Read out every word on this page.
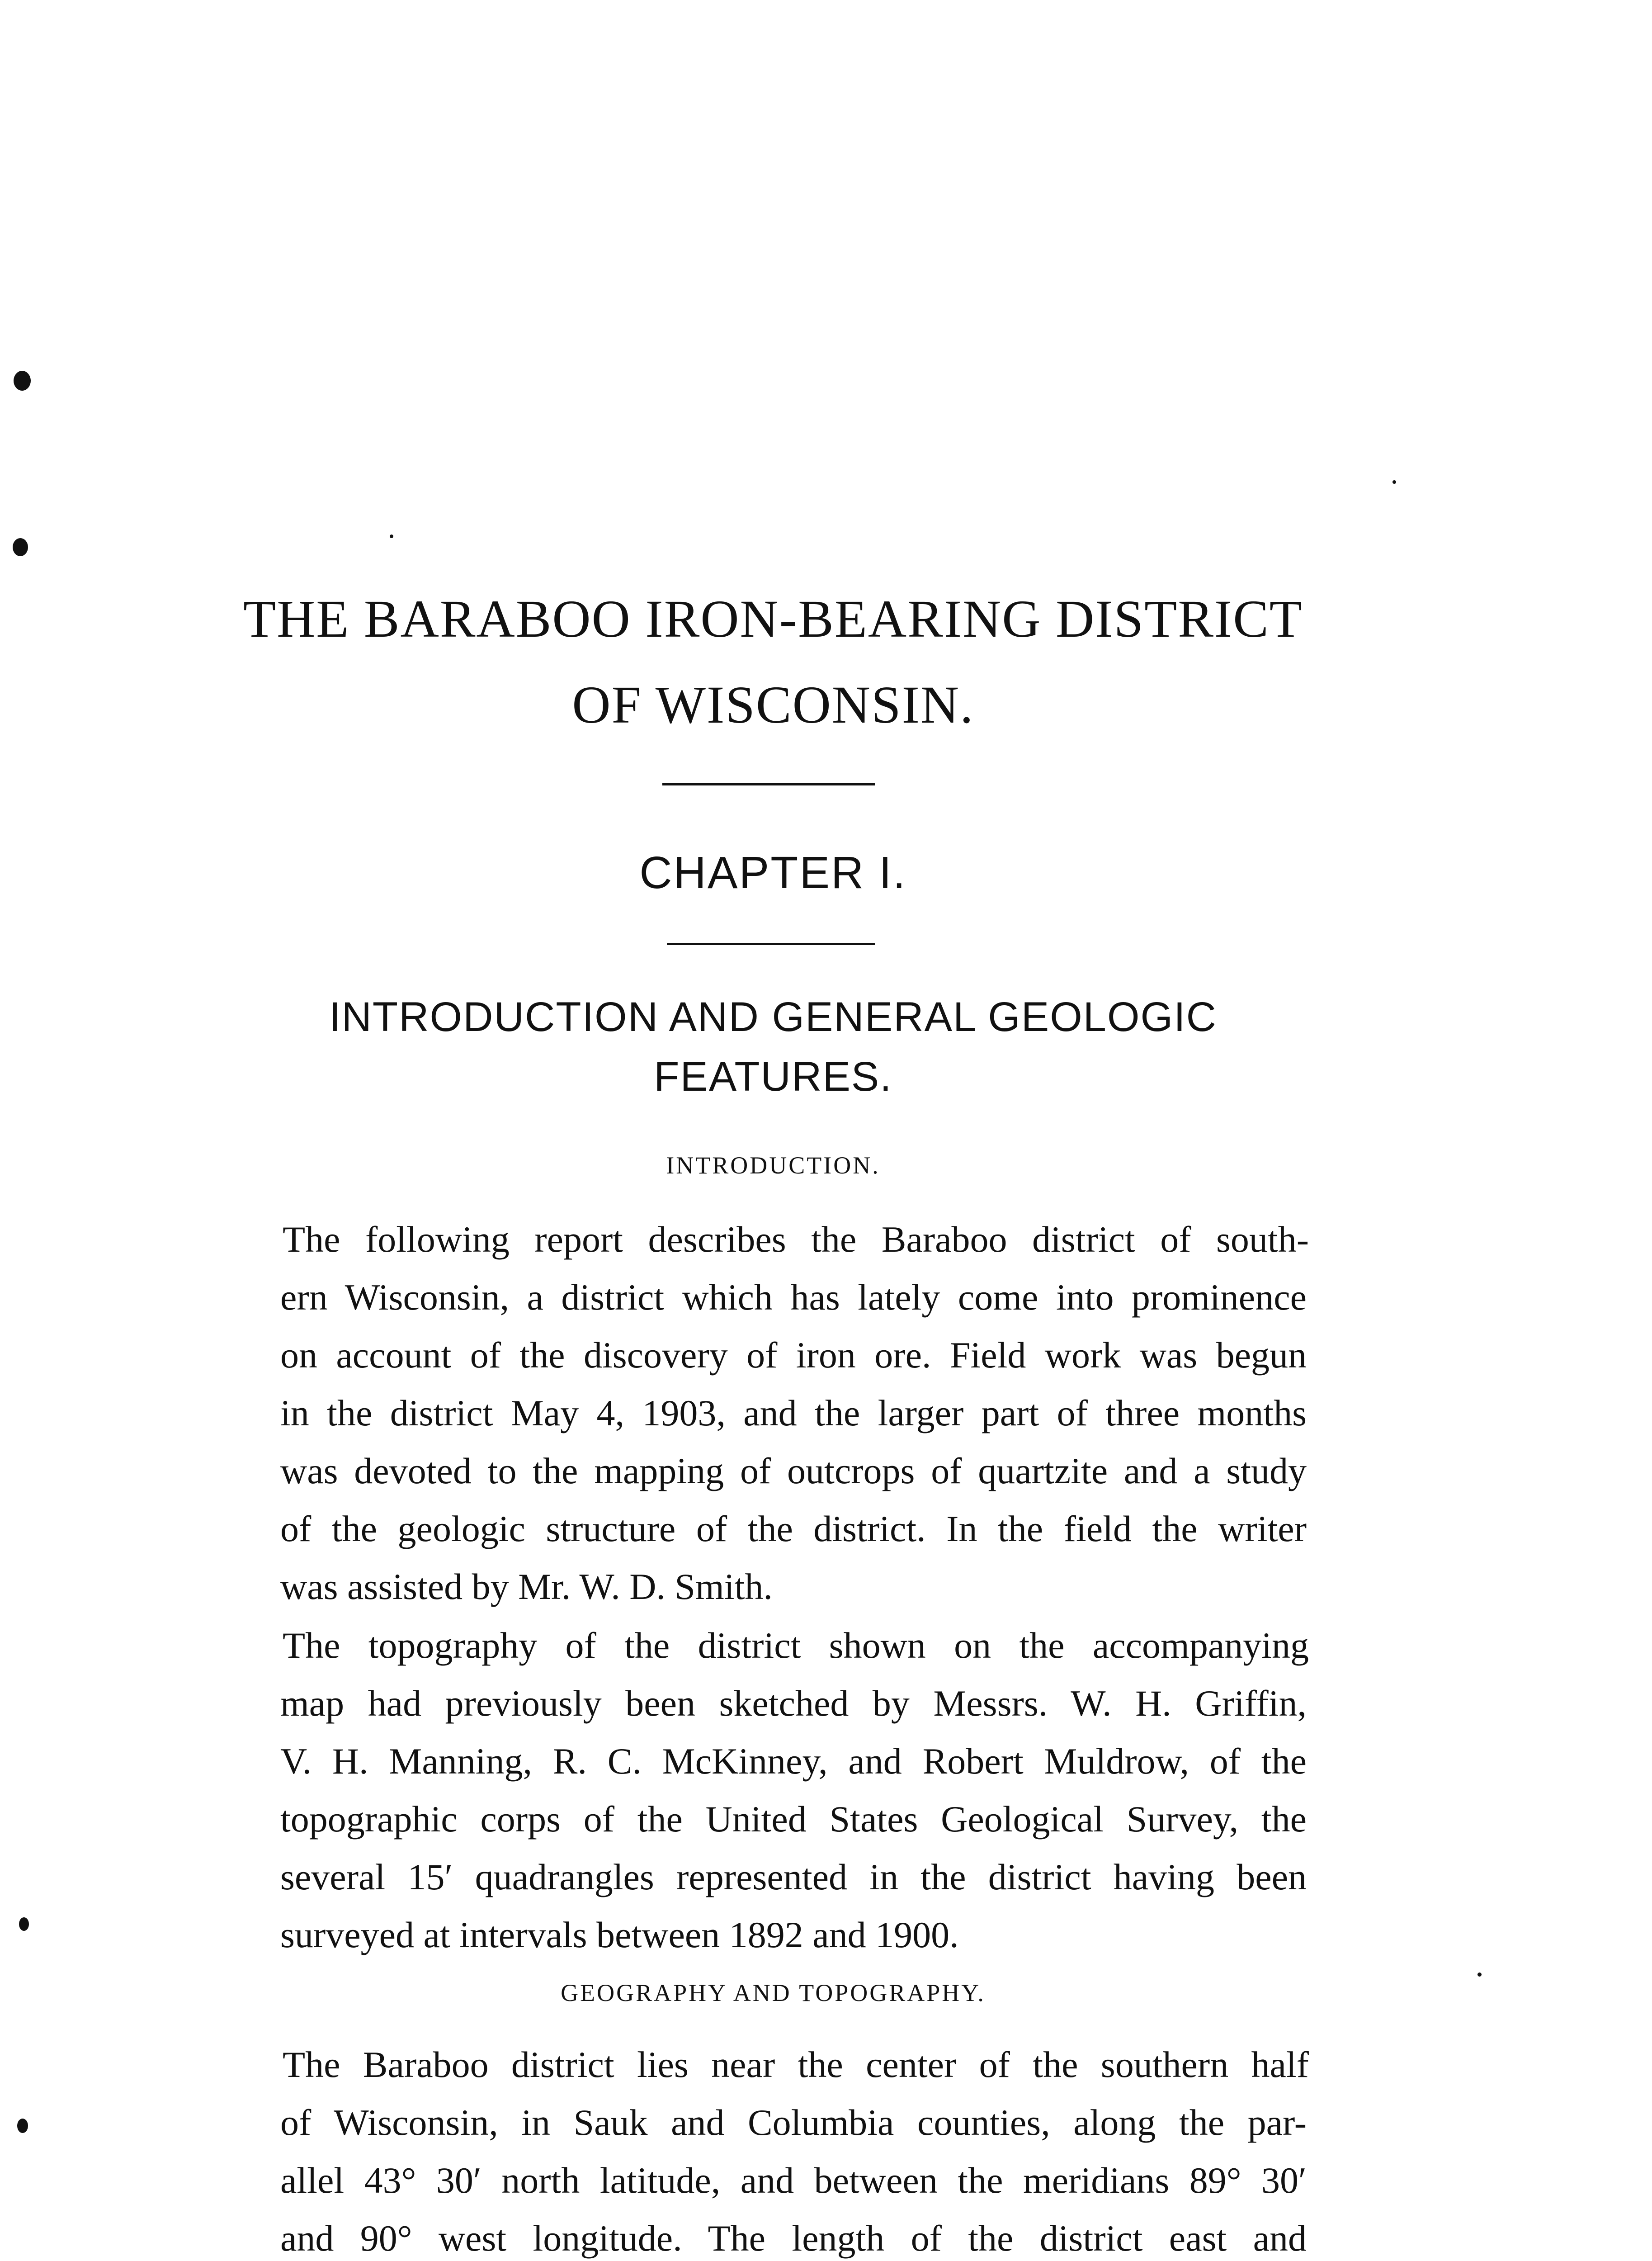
THE BARABOO IRON-BEARING DISTRICT
OF WISCONSIN.
CHAPTER I.
INTRODUCTION AND GENERAL GEOLOGIC
FEATURES.
INTRODUCTION.
The following report describes the Baraboo district of south-
ern Wisconsin, a district which has lately come into prominence
on account of the discovery of iron ore. Field work was begun
in the district May 4, 1903, and the larger part of three months
was devoted to the mapping of outcrops of quartzite and a study
of the geologic structure of the district. In the field the writer
was assisted by Mr. W. D. Smith.
The topography of the district shown on the accompanying
map had previously been sketched by Messrs. W. H. Griffin,
V. H. Manning, R. C. McKinney, and Robert Muldrow, of the
topographic corps of the United States Geological Survey, the
several 15′ quadrangles represented in the district having been
surveyed at intervals between 1892 and 1900.
GEOGRAPHY AND TOPOGRAPHY.
The Baraboo district lies near the center of the southern half
of Wisconsin, in Sauk and Columbia counties, along the par-
allel 43° 30′ north latitude, and between the meridians 89° 30′
and 90° west longitude. The length of the district east and
